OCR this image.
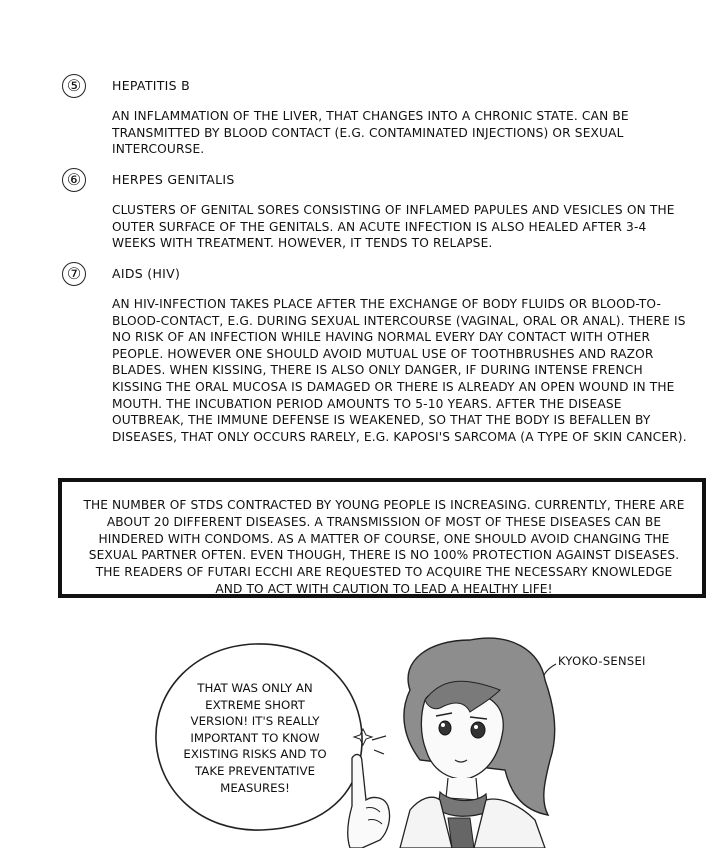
⑤	HEPATITIS B
AN INFLAMMATION OF THE LIVER, THAT CHANGES INTO A CHRONIC STATE. CAN BE TRANSMITTED BY BLOOD CONTACT (E.G. CONTAMINATED INJECTIONS) OR SEXUAL INTERCOURSE.
⑥	HERPES GENITALIS
CLUSTERS OF GENITAL SORES CONSISTING OF INFLAMED PAPULES AND VESICLES ON THE OUTER SURFACE OF THE GENITALS. AN ACUTE INFECTION IS ALSO HEALED AFTER 3-4 WEEKS WITH TREATMENT. HOWEVER, IT TENDS TO RELAPSE.
⑦	AIDS (HIV)
AN HIV-INFECTION TAKES PLACE AFTER THE EXCHANGE OF BODY FLUIDS OR BLOOD-TO-BLOOD-CONTACT, E.G. DURING SEXUAL INTERCOURSE (VAGINAL, ORAL OR ANAL). THERE IS NO RISK OF AN INFECTION WHILE HAVING NORMAL EVERY DAY CONTACT WITH OTHER PEOPLE. HOWEVER ONE SHOULD AVOID MUTUAL USE OF TOOTHBRUSHES AND RAZOR BLADES. WHEN KISSING, THERE IS ALSO ONLY DANGER, IF DURING INTENSE FRENCH KISSING THE ORAL MUCOSA IS DAMAGED OR THERE IS ALREADY AN OPEN WOUND IN THE MOUTH. THE INCUBATION PERIOD AMOUNTS TO 5-10 YEARS. AFTER THE DISEASE OUTBREAK, THE IMMUNE DEFENSE IS WEAKENED, SO THAT THE BODY IS BEFALLEN BY DISEASES, THAT ONLY OCCURS RARELY, E.G. KAPOSI'S SARCOMA (A TYPE OF SKIN CANCER).
THE NUMBER OF STDS CONTRACTED BY YOUNG PEOPLE IS INCREASING. CURRENTLY, THERE ARE ABOUT 20 DIFFERENT DISEASES. A TRANSMISSION OF MOST OF THESE DISEASES CAN BE HINDERED WITH CONDOMS. AS A MATTER OF COURSE, ONE SHOULD AVOID CHANGING THE SEXUAL PARTNER OFTEN. EVEN THOUGH, THERE IS NO 100% PROTECTION AGAINST DISEASES. THE READERS OF FUTARI ECCHI ARE REQUESTED TO ACQUIRE THE NECESSARY KNOWLEDGE AND TO ACT WITH CAUTION TO LEAD A HEALTHY LIFE!
THAT WAS ONLY AN EXTREME SHORT VERSION! IT'S REALLY IMPORTANT TO KNOW EXISTING RISKS AND TO TAKE PREVENTATIVE MEASURES!
KYOKO-SENSEI
